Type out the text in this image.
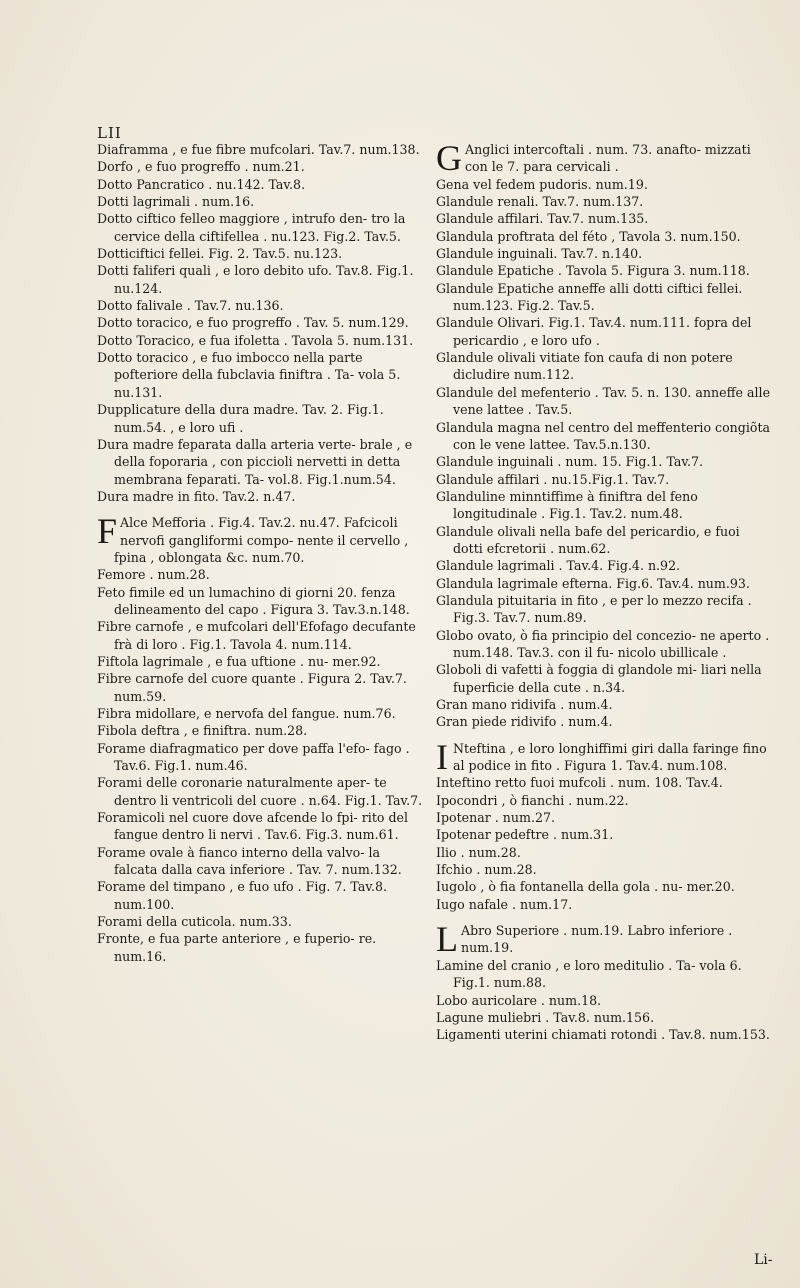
LII

Diaframma , e fue fibre mufcolari. Tav.7. num.138.

Dorfo , e fuo progreffo . num.21.

Dotto Pancratico . nu.142. Tav.8.

Dotti lagrimali . num.16.

Dotto ciftico felleo maggiore , intrufo den- tro la cervice della ciftifellea . nu.123. Fig.2. Tav.5.

Dotticiftici fellei. Fig. 2. Tav.5. nu.123.

Dotti faliferi quali , e loro debito ufo. Tav.8. Fig.1. nu.124.

Dotto falivale . Tav.7. nu.136.

Dotto toracico, e fuo progreffo . Tav. 5. num.129.

Dotto Toracico, e fua ifoletta . Tavola 5. num.131.

Dotto toracico , e fuo imbocco nella parte pofteriore della fubclavia finiftra . Ta- vola 5. nu.131.

Dupplicature della dura madre. Tav. 2. Fig.1. num.54. , e loro ufi .

Dura madre feparata dalla arteria verte- brale , e della foporaria , con piccioli nervetti in detta membrana feparati. Ta- vol.8. Fig.1.num.54.

Dura madre in fito. Tav.2. n.47.

F Alce Mefforia . Fig.4. Tav.2. nu.47. Fafcicoli nervofi gangliformi compo- nente il cervello , fpina , oblongata &c. num.70.

Femore . num.28.

Feto fimile ed un lumachino di giorni 20. fenza delineamento del capo . Figura 3. Tav.3.n.148.

Fibre carnofe , e mufcolari dell'Efofago decufante frà di loro . Fig.1. Tavola 4. num.114.

Fiftola lagrimale , e fua uftione . nu- mer.92.

Fibre carnofe del cuore quante . Figura 2. Tav.7. num.59.

Fibra midollare, e nervofa del fangue. num.76.

Fibola deftra , e finiftra. num.28.

Forame diafragmatico per dove paffa l'efo- fago . Tav.6. Fig.1. num.46.

Forami delle coronarie naturalmente aper- te dentro li ventricoli del cuore . n.64. Fig.1. Tav.7.

Foramicoli nel cuore dove afcende lo fpi- rito del fangue dentro li nervi . Tav.6. Fig.3. num.61.

Forame ovale à fianco interno della valvo- la falcata dalla cava inferiore . Tav. 7. num.132.

Forame del timpano , e fuo ufo . Fig. 7. Tav.8. num.100.

Forami della cuticola. num.33.

Fronte, e fua parte anteriore , e fuperio- re. num.16.

G Anglici intercoftali . num. 73. anafto- mizzati con le 7. para cervicali .

Gena vel fedem pudoris. num.19.

Glandule renali. Tav.7. num.137.

Glandule affilari. Tav.7. num.135.

Glandula proftrata del féto , Tavola 3. num.150.

Glandule inguinali. Tav.7. n.140.

Glandule Epatiche . Tavola 5. Figura 3. num.118.

Glandule Epatiche anneffe alli dotti ciftici fellei. num.123. Fig.2. Tav.5.

Glandule Olivari. Fig.1. Tav.4. num.111. fopra del pericardio , e loro ufo .

Glandule olivali vitiate fon caufa di non potere dicludire num.112.

Glandule del mefenterio . Tav. 5. n. 130. anneffe alle vene lattee . Tav.5.

Glandula magna nel centro del meffenterio congiõta con le vene lattee. Tav.5.n.130.

Glandule inguinali . num. 15. Fig.1. Tav.7.

Glandule affilari . nu.15.Fig.1. Tav.7.

Glanduline minntiffime à finiftra del feno longitudinale . Fig.1. Tav.2. num.48.

Glandule olivali nella bafe del pericardio, e fuoi dotti efcretorii . num.62.

Glandule lagrimali . Tav.4. Fig.4. n.92.

Glandula lagrimale efterna. Fig.6. Tav.4. num.93.

Glandula pituitaria in fito , e per lo mezzo recifa . Fig.3. Tav.7. num.89.

Globo ovato, ò fia principio del concezio- ne aperto . num.148. Tav.3. con il fu- nicolo ubillicale .

Globoli di vafetti à foggia di glandole mi- liari nella fuperficie della cute . n.34.

Gran mano ridivifa . num.4.

Gran piede ridivifo . num.4.

I Nteftina , e loro longhiffimi giri dalla faringe fino al podice in fito . Figura 1. Tav.4. num.108.

Inteftino retto fuoi mufcoli . num. 108. Tav.4.

Ipocondri , ò fianchi . num.22.

Ipotenar . num.27.

Ipotenar pedeftre . num.31.

Ilio . num.28.

Ifchio . num.28.

Iugolo , ò fia fontanella della gola . nu- mer.20.

Iugo nafale . num.17.

L Abro Superiore . num.19. Labro inferiore . num.19.

Lamine del cranio , e loro meditulio . Ta- vola 6. Fig.1. num.88.

Lobo auricolare . num.18.

Lagune muliebri . Tav.8. num.156.

Ligamenti uterini chiamati rotondi . Tav.8. num.153.

Li-
